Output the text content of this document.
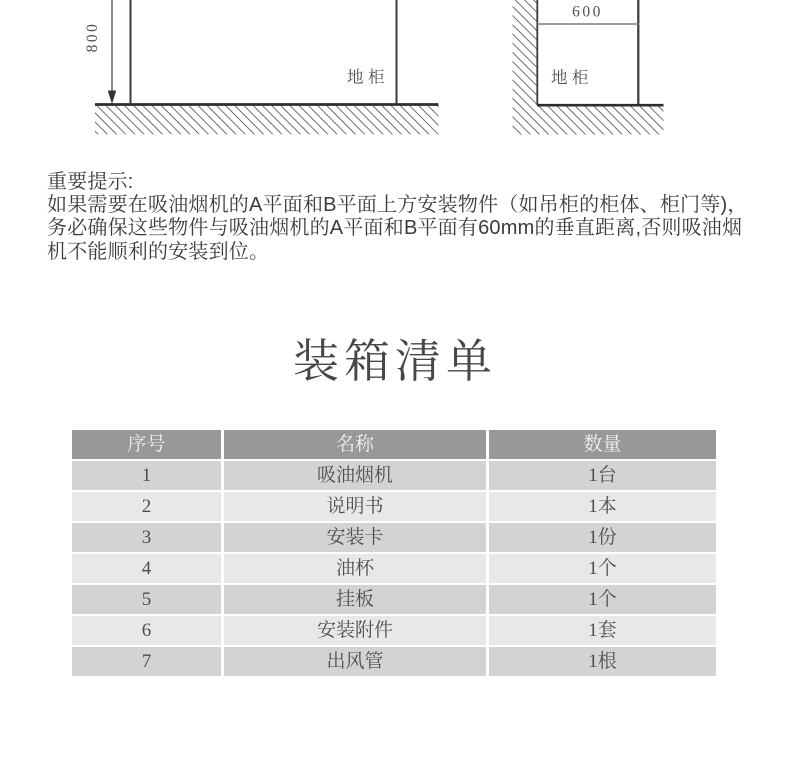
800
地柜
600
地柜
重要提示:
如果需要在吸油烟机的A平面和B平面上方安装物件（如吊柜的柜体、柜门等)，
务必确保这些物件与吸油烟机的A平面和B平面有60mm的垂直距离,否则吸油烟
机不能顺利的安装到位。
装箱清单
序号	名称	数量
1	吸油烟机	1台
2	说明书	1本
3	安装卡	1份
4	油杯	1个
5	挂板	1个
6	安装附件	1套
7	出风管	1根
